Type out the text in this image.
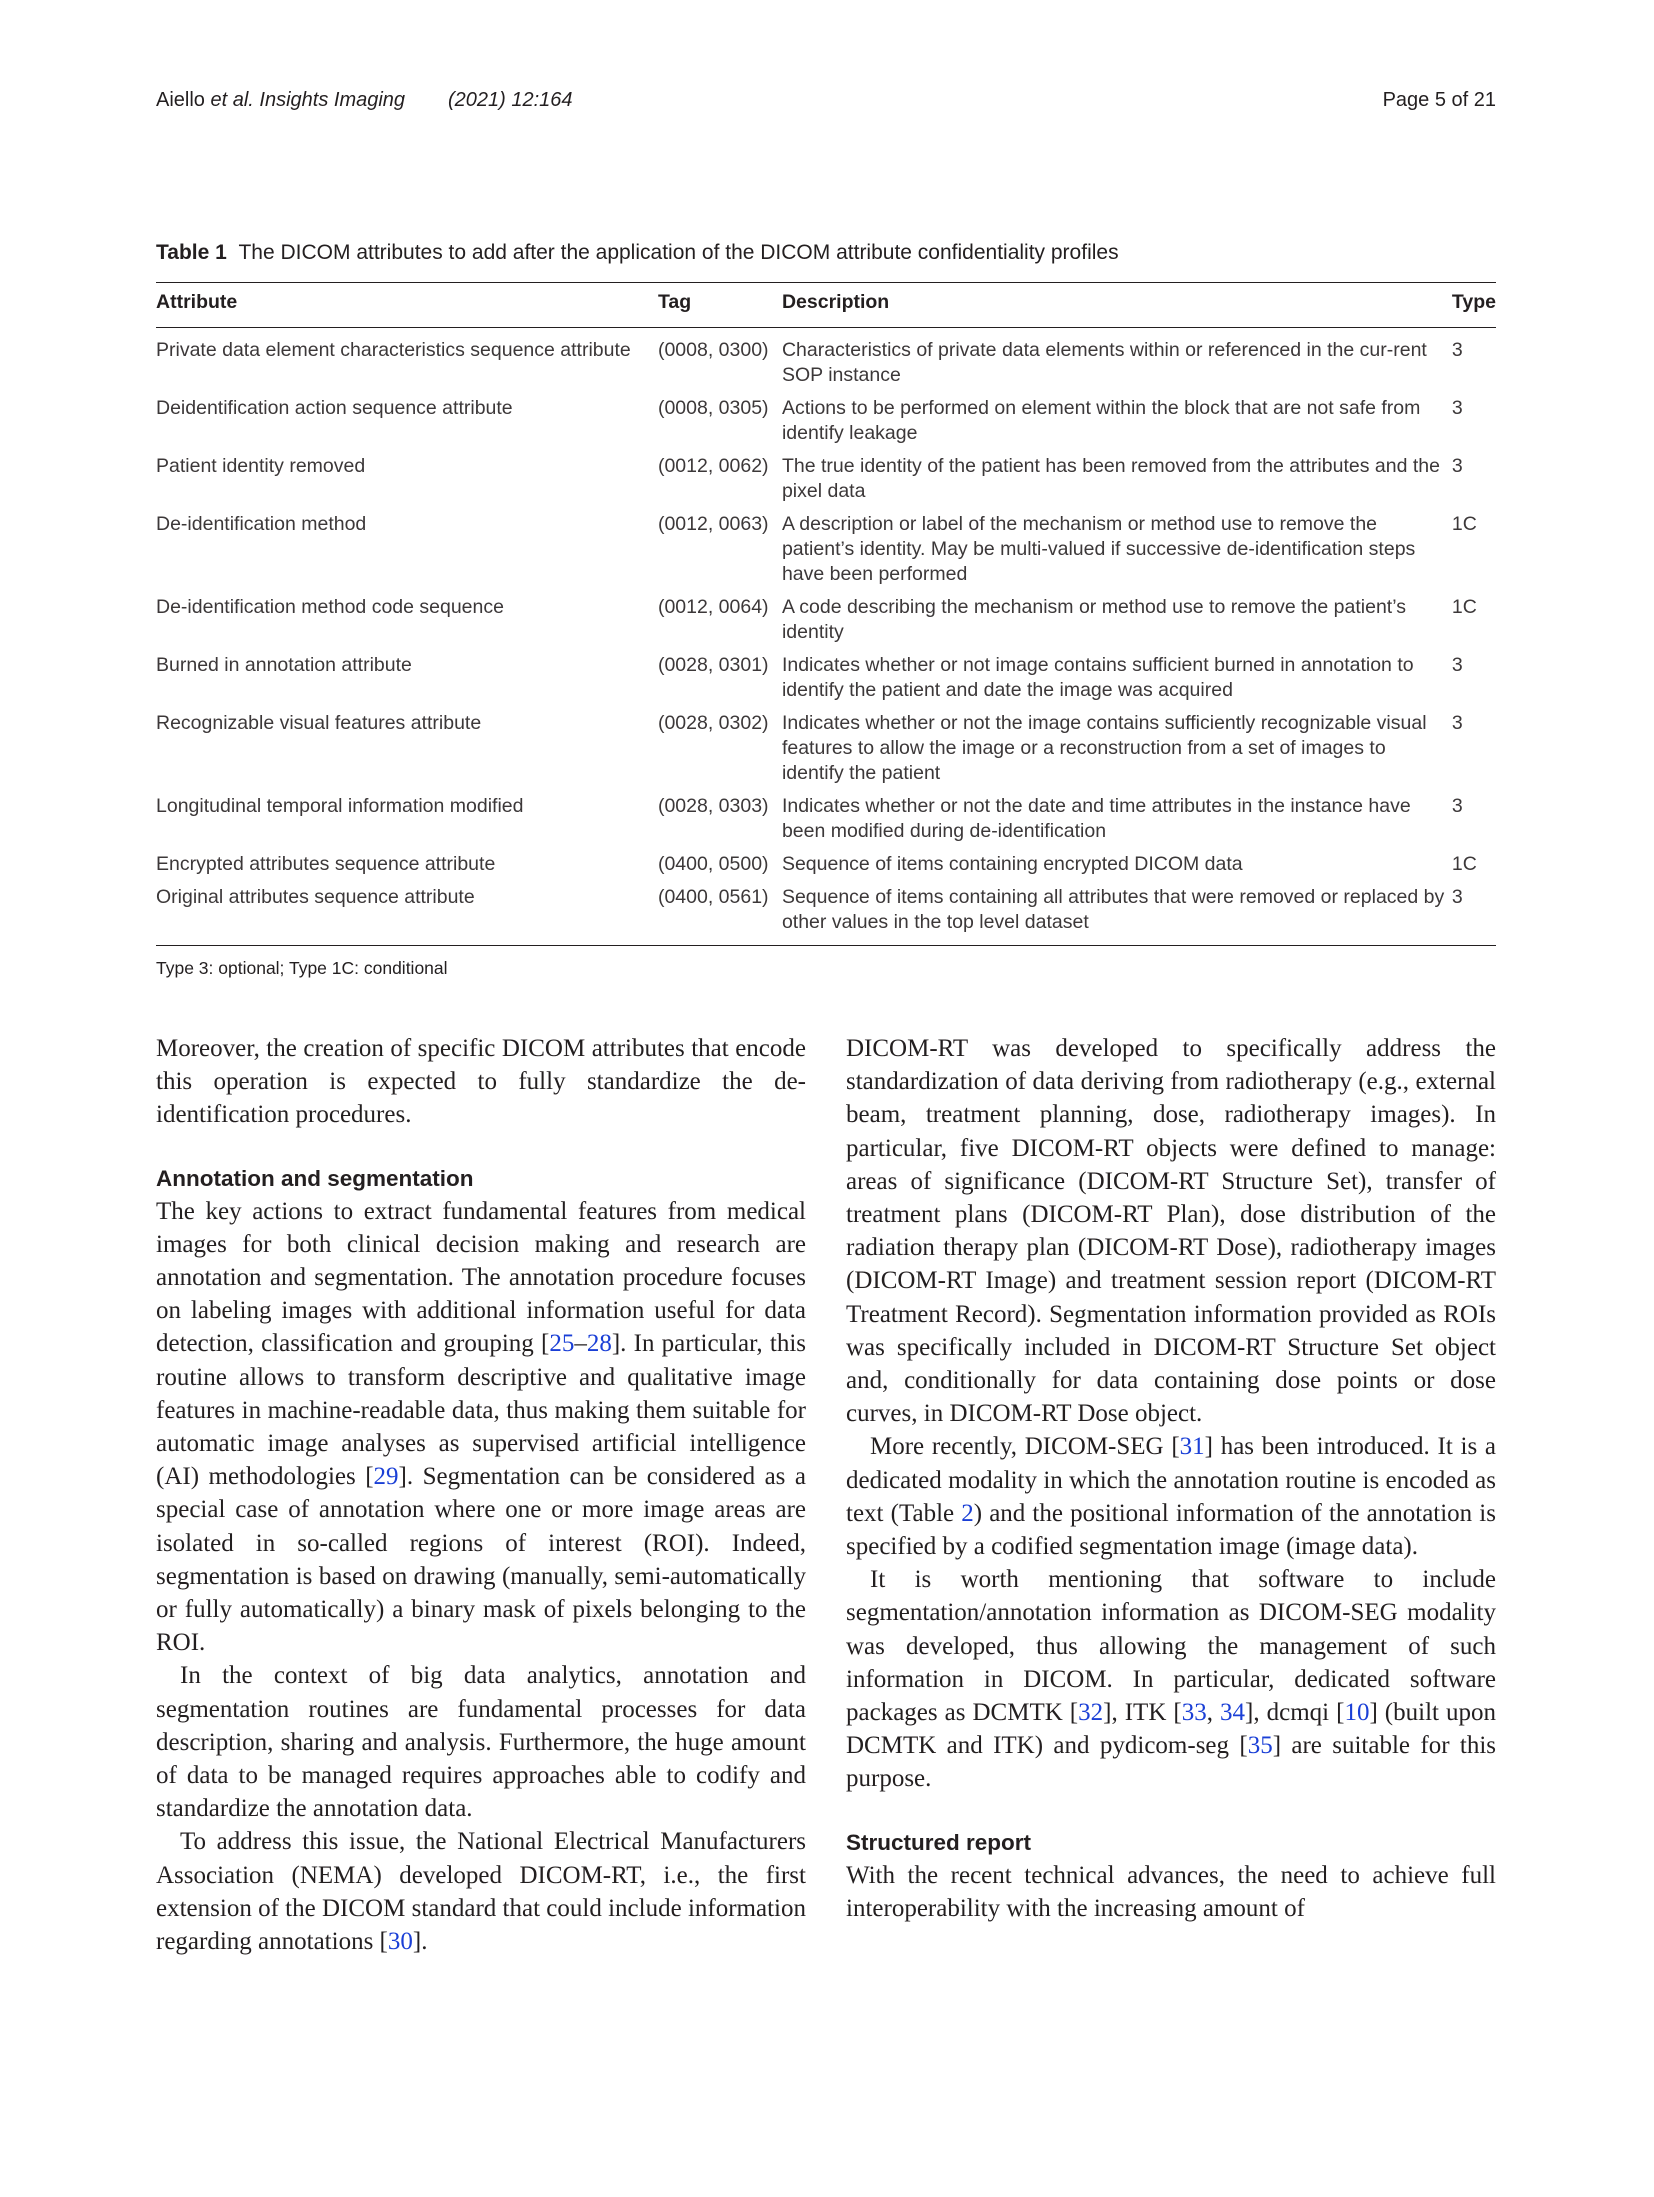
Aiello et al. Insights Imaging (2021) 12:164	Page 5 of 21
Table 1 The DICOM attributes to add after the application of the DICOM attribute confidentiality profiles
Attribute	Tag	Description	Type
Private data element characteristics sequence attribute	(0008, 0300)	Characteristics of private data elements within or referenced in the cur-rent SOP instance	3
Deidentification action sequence attribute	(0008, 0305)	Actions to be performed on element within the block that are not safe from identify leakage	3
Patient identity removed	(0012, 0062)	The true identity of the patient has been removed from the attributes and the pixel data	3
De-identification method	(0012, 0063)	A description or label of the mechanism or method use to remove the patient’s identity. May be multi-valued if successive de-identification steps have been performed	1C
De-identification method code sequence	(0012, 0064)	A code describing the mechanism or method use to remove the patient’s identity	1C
Burned in annotation attribute	(0028, 0301)	Indicates whether or not image contains sufficient burned in annotation to identify the patient and date the image was acquired	3
Recognizable visual features attribute	(0028, 0302)	Indicates whether or not the image contains sufficiently recognizable visual features to allow the image or a reconstruction from a set of images to identify the patient	3
Longitudinal temporal information modified	(0028, 0303)	Indicates whether or not the date and time attributes in the instance have been modified during de-identification	3
Encrypted attributes sequence attribute	(0400, 0500)	Sequence of items containing encrypted DICOM data	1C
Original attributes sequence attribute	(0400, 0561)	Sequence of items containing all attributes that were removed or replaced by other values in the top level dataset	3
Type 3: optional; Type 1C: conditional

Moreover, the creation of specific DICOM attributes that encode this operation is expected to fully standardize the de-identification procedures.

Annotation and segmentation

The key actions to extract fundamental features from medical images for both clinical decision making and research are annotation and segmentation. The annotation procedure focuses on labeling images with additional information useful for data detection, classification and grouping [25–28]. In particular, this routine allows to transform descriptive and qualitative image features in machine-readable data, thus making them suitable for automatic image analyses as supervised artificial intelligence (AI) methodologies [29]. Segmentation can be considered as a special case of annotation where one or more image areas are isolated in so-called regions of interest (ROI). Indeed, segmentation is based on drawing (manually, semi-automatically or fully automatically) a binary mask of pixels belonging to the ROI.

In the context of big data analytics, annotation and segmentation routines are fundamental processes for data description, sharing and analysis. Furthermore, the huge amount of data to be managed requires approaches able to codify and standardize the annotation data.

To address this issue, the National Electrical Manufacturers Association (NEMA) developed DICOM-RT, i.e., the first extension of the DICOM standard that could include information regarding annotations [30].

DICOM-RT was developed to specifically address the standardization of data deriving from radiotherapy (e.g., external beam, treatment planning, dose, radiotherapy images). In particular, five DICOM-RT objects were defined to manage: areas of significance (DICOM-RT Structure Set), transfer of treatment plans (DICOM-RT Plan), dose distribution of the radiation therapy plan (DICOM-RT Dose), radiotherapy images (DICOM-RT Image) and treatment session report (DICOM-RT Treatment Record). Segmentation information provided as ROIs was specifically included in DICOM-RT Structure Set object and, conditionally for data containing dose points or dose curves, in DICOM-RT Dose object.

More recently, DICOM-SEG [31] has been introduced. It is a dedicated modality in which the annotation routine is encoded as text (Table 2) and the positional information of the annotation is specified by a codified segmentation image (image data).

It is worth mentioning that software to include segmentation/annotation information as DICOM-SEG modality was developed, thus allowing the management of such information in DICOM. In particular, dedicated software packages as DCMTK [32], ITK [33, 34], dcmqi [10] (built upon DCMTK and ITK) and pydicom-seg [35] are suitable for this purpose.

Structured report

With the recent technical advances, the need to achieve full interoperability with the increasing amount of
